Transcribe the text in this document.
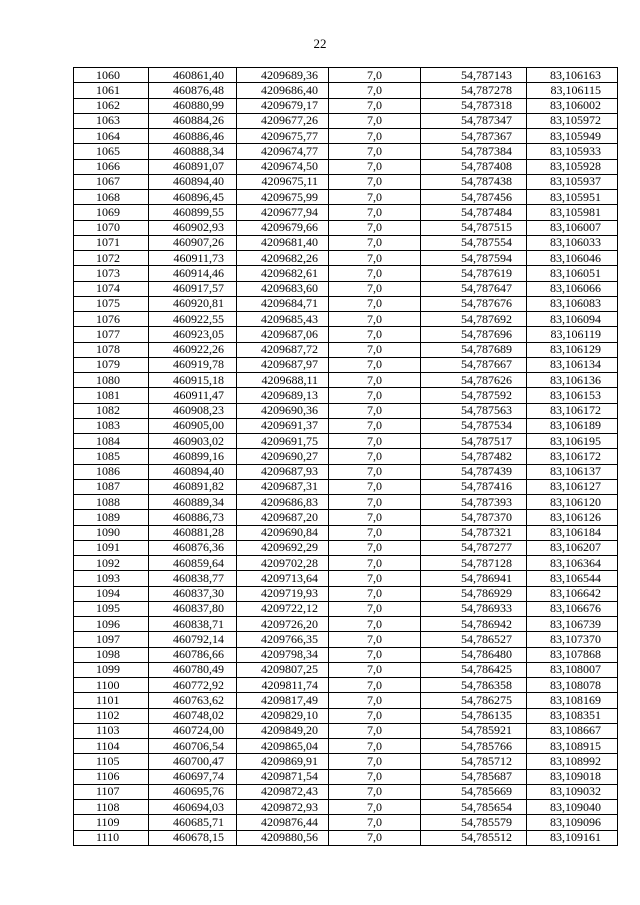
22
1060	460861,40	4209689,36	7,0	54,787143	83,106163
1061	460876,48	4209686,40	7,0	54,787278	83,106115
1062	460880,99	4209679,17	7,0	54,787318	83,106002
1063	460884,26	4209677,26	7,0	54,787347	83,105972
1064	460886,46	4209675,77	7,0	54,787367	83,105949
1065	460888,34	4209674,77	7,0	54,787384	83,105933
1066	460891,07	4209674,50	7,0	54,787408	83,105928
1067	460894,40	4209675,11	7,0	54,787438	83,105937
1068	460896,45	4209675,99	7,0	54,787456	83,105951
1069	460899,55	4209677,94	7,0	54,787484	83,105981
1070	460902,93	4209679,66	7,0	54,787515	83,106007
1071	460907,26	4209681,40	7,0	54,787554	83,106033
1072	460911,73	4209682,26	7,0	54,787594	83,106046
1073	460914,46	4209682,61	7,0	54,787619	83,106051
1074	460917,57	4209683,60	7,0	54,787647	83,106066
1075	460920,81	4209684,71	7,0	54,787676	83,106083
1076	460922,55	4209685,43	7,0	54,787692	83,106094
1077	460923,05	4209687,06	7,0	54,787696	83,106119
1078	460922,26	4209687,72	7,0	54,787689	83,106129
1079	460919,78	4209687,97	7,0	54,787667	83,106134
1080	460915,18	4209688,11	7,0	54,787626	83,106136
1081	460911,47	4209689,13	7,0	54,787592	83,106153
1082	460908,23	4209690,36	7,0	54,787563	83,106172
1083	460905,00	4209691,37	7,0	54,787534	83,106189
1084	460903,02	4209691,75	7,0	54,787517	83,106195
1085	460899,16	4209690,27	7,0	54,787482	83,106172
1086	460894,40	4209687,93	7,0	54,787439	83,106137
1087	460891,82	4209687,31	7,0	54,787416	83,106127
1088	460889,34	4209686,83	7,0	54,787393	83,106120
1089	460886,73	4209687,20	7,0	54,787370	83,106126
1090	460881,28	4209690,84	7,0	54,787321	83,106184
1091	460876,36	4209692,29	7,0	54,787277	83,106207
1092	460859,64	4209702,28	7,0	54,787128	83,106364
1093	460838,77	4209713,64	7,0	54,786941	83,106544
1094	460837,30	4209719,93	7,0	54,786929	83,106642
1095	460837,80	4209722,12	7,0	54,786933	83,106676
1096	460838,71	4209726,20	7,0	54,786942	83,106739
1097	460792,14	4209766,35	7,0	54,786527	83,107370
1098	460786,66	4209798,34	7,0	54,786480	83,107868
1099	460780,49	4209807,25	7,0	54,786425	83,108007
1100	460772,92	4209811,74	7,0	54,786358	83,108078
1101	460763,62	4209817,49	7,0	54,786275	83,108169
1102	460748,02	4209829,10	7,0	54,786135	83,108351
1103	460724,00	4209849,20	7,0	54,785921	83,108667
1104	460706,54	4209865,04	7,0	54,785766	83,108915
1105	460700,47	4209869,91	7,0	54,785712	83,108992
1106	460697,74	4209871,54	7,0	54,785687	83,109018
1107	460695,76	4209872,43	7,0	54,785669	83,109032
1108	460694,03	4209872,93	7,0	54,785654	83,109040
1109	460685,71	4209876,44	7,0	54,785579	83,109096
1110	460678,15	4209880,56	7,0	54,785512	83,109161
